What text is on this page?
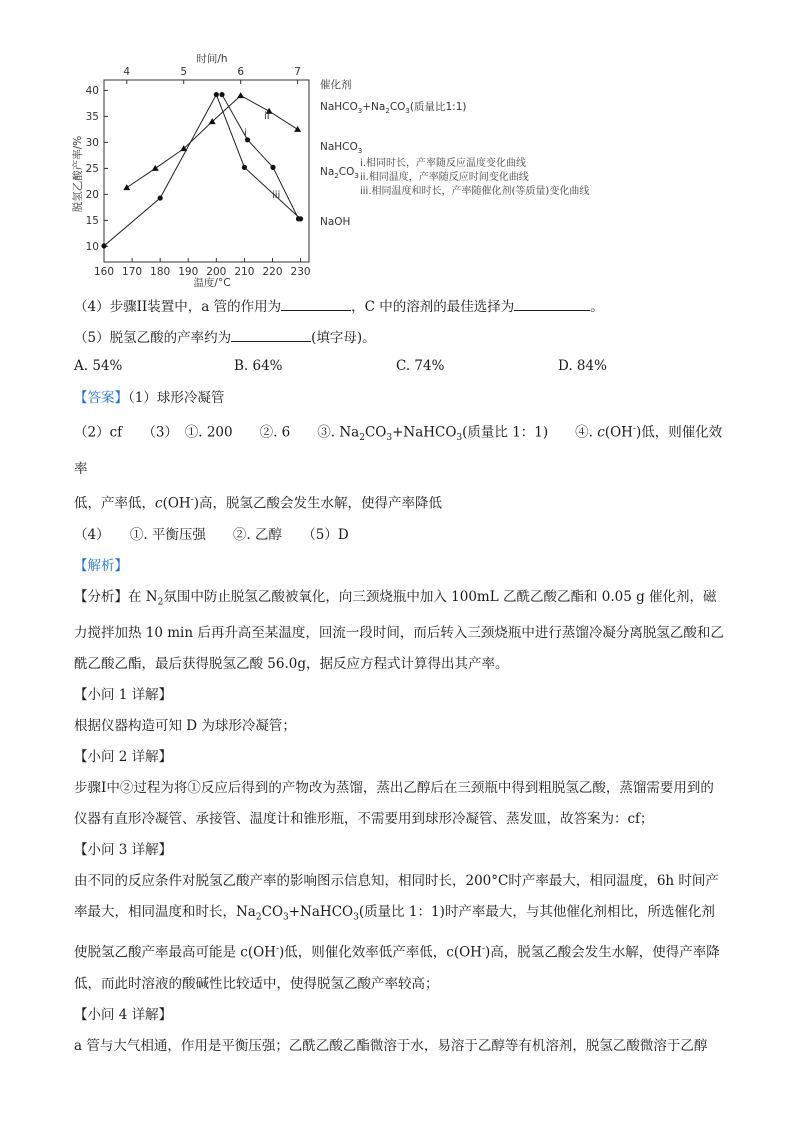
10
15
20
25
30
35
40
160 170 180 190 200 210 220 230
4	5	6	7
时间/h
温度/°C
脱氢乙酸产率/%
催化剂
$NaHCO_3+Na_2CO_3$(质量比1:1)
NaHCO$_3$
$Na_2CO_3$
NaOH
i
ii
iii
i.相同时长，产率随反应温度变化曲线
ii.相同温度，产率随反应时间变化曲线
iii.相同温度和时长，产率随催化剂(等质量)变化曲线
（4）步骤II装置中，a 管的作用为	，C 中的溶剂的最佳选择为	。
（5）脱氢乙酸的产率约为	(填字母)。
A. 54%	B. 64%	C. 74%	D. 84%
【答案】（1）球形冷凝管
（2）cf　　（3）　①. 200　　②. 6　　③. $Na_2CO_3+NaHCO_3$(质量比 1：1)　　④. c(OH-)低，则催化效率
低，产率低，c(OH-)高，脱氢乙酸会发生水解，使得产率降低
（4）　　①. 平衡压强　　②. 乙醇　　（5）D
【解析】
【分析】在 $N_2$氛围中防止脱氢乙酸被氧化，向三颈烧瓶中加入 100mL 乙酰乙酸乙酯和 0.05 g 催化剂，磁力搅拌加热 10 min 后再升高至某温度，回流一段时间，而后转入三颈烧瓶中进行蒸馏冷凝分离脱氢乙酸和乙酰乙酸乙酯，最后获得脱氢乙酸 56.0g，据反应方程式计算得出其产率。
【小问 1 详解】
根据仪器构造可知 D 为球形冷凝管；
【小问 2 详解】
步骤I中②过程为将①反应后得到的产物改为蒸馏，蒸出乙醇后在三颈瓶中得到粗脱氢乙酸，蒸馏需要用到的仪器有直形冷凝管、承接管、温度计和锥形瓶，不需要用到球形冷凝管、蒸发皿，故答案为：cf；
【小问 3 详解】
由不同的反应条件对脱氢乙酸产率的影响图示信息知，相同时长，200°C时产率最大，相同温度，6h 时间产率最大，相同温度和时长，$Na_2CO_3+NaHCO_3$(质量比 1：1)时产率最大，与其他催化剂相比，所选催化剂使脱氢乙酸产率最高可能是 c(OH-)低，则催化效率低产率低，c(OH-)高，脱氢乙酸会发生水解，使得产率降低，而此时溶液的酸碱性比较适中，使得脱氢乙酸产率较高；
【小问 4 详解】
a 管与大气相通，作用是平衡压强；乙酰乙酸乙酯微溶于水，易溶于乙醇等有机溶剂，脱氢乙酸微溶于乙醇
